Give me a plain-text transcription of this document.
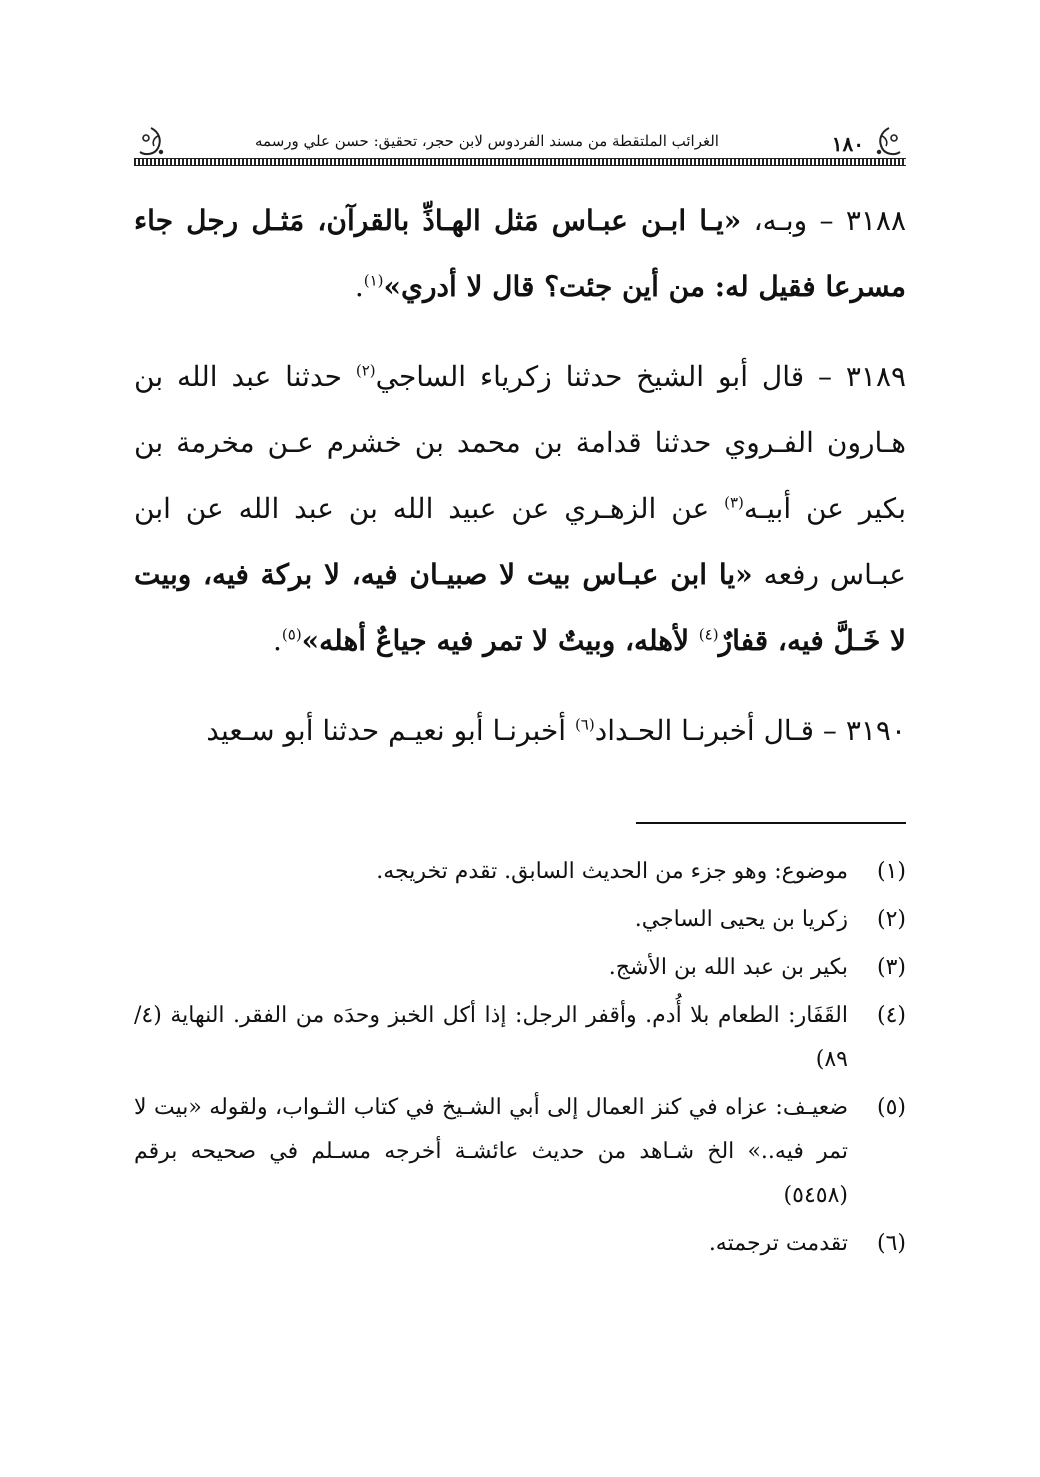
١٨٠
الغرائب الملتقطة من مسند الفردوس لابن حجر، تحقيق: حسن علي ورسمه

٣١٨٨ – وبـه، «يـا ابـن عبـاس مَثل الهـاذِّ بالقرآن، مَثـل رجل جاء مسرعا فقيل له: من أين جئت؟ قال لا أدري»$^{(١)}$.

٣١٨٩ – قال أبو الشيخ حدثنا زكرياء الساجي$^{(٢)}$ حدثنا عبد الله بن هـارون الفـروي حدثنا قدامة بن محمد بن خشرم عـن مخرمة بن بكير عن أبيـه$^{(٣)}$ عن الزهـري عن عبيد الله بن عبد الله عن ابن عبـاس رفعه «يا ابن عبـاس بيت لا صبيـان فيه، لا بركة فيه، وبيت لا خَـلَّ فيه، قفارٌ$^{(٤)}$ لأهله، وبيتٌ لا تمر فيه جياعٌ أهله»$^{(٥)}$.

٣١٩٠ – قـال أخبرنـا الحـداد$^{(٦)}$ أخبرنـا أبو نعيـم حدثنا أبو سـعيد

(١)
موضوع: وهو جزء من الحديث السابق. تقدم تخريجه.
(٢)
زكريا بن يحيى الساجي.
(٣)
بكير بن عبد الله بن الأشج.
(٤)
القَفَار: الطعام بلا أُدم. وأقفر الرجل: إذا أكل الخبز وحدَه من الفقر. النهاية (٤/ ٨٩)
(٥)
ضعيـف: عزاه في كنز العمال إلى أبي الشـيخ في كتاب الثـواب، ولقوله «بيت لا تمر فيه..» الخ شـاهد من حديث عائشـة أخرجه مسـلم في صحيحه برقم (٥٤٥٨)
(٦)
تقدمت ترجمته.
